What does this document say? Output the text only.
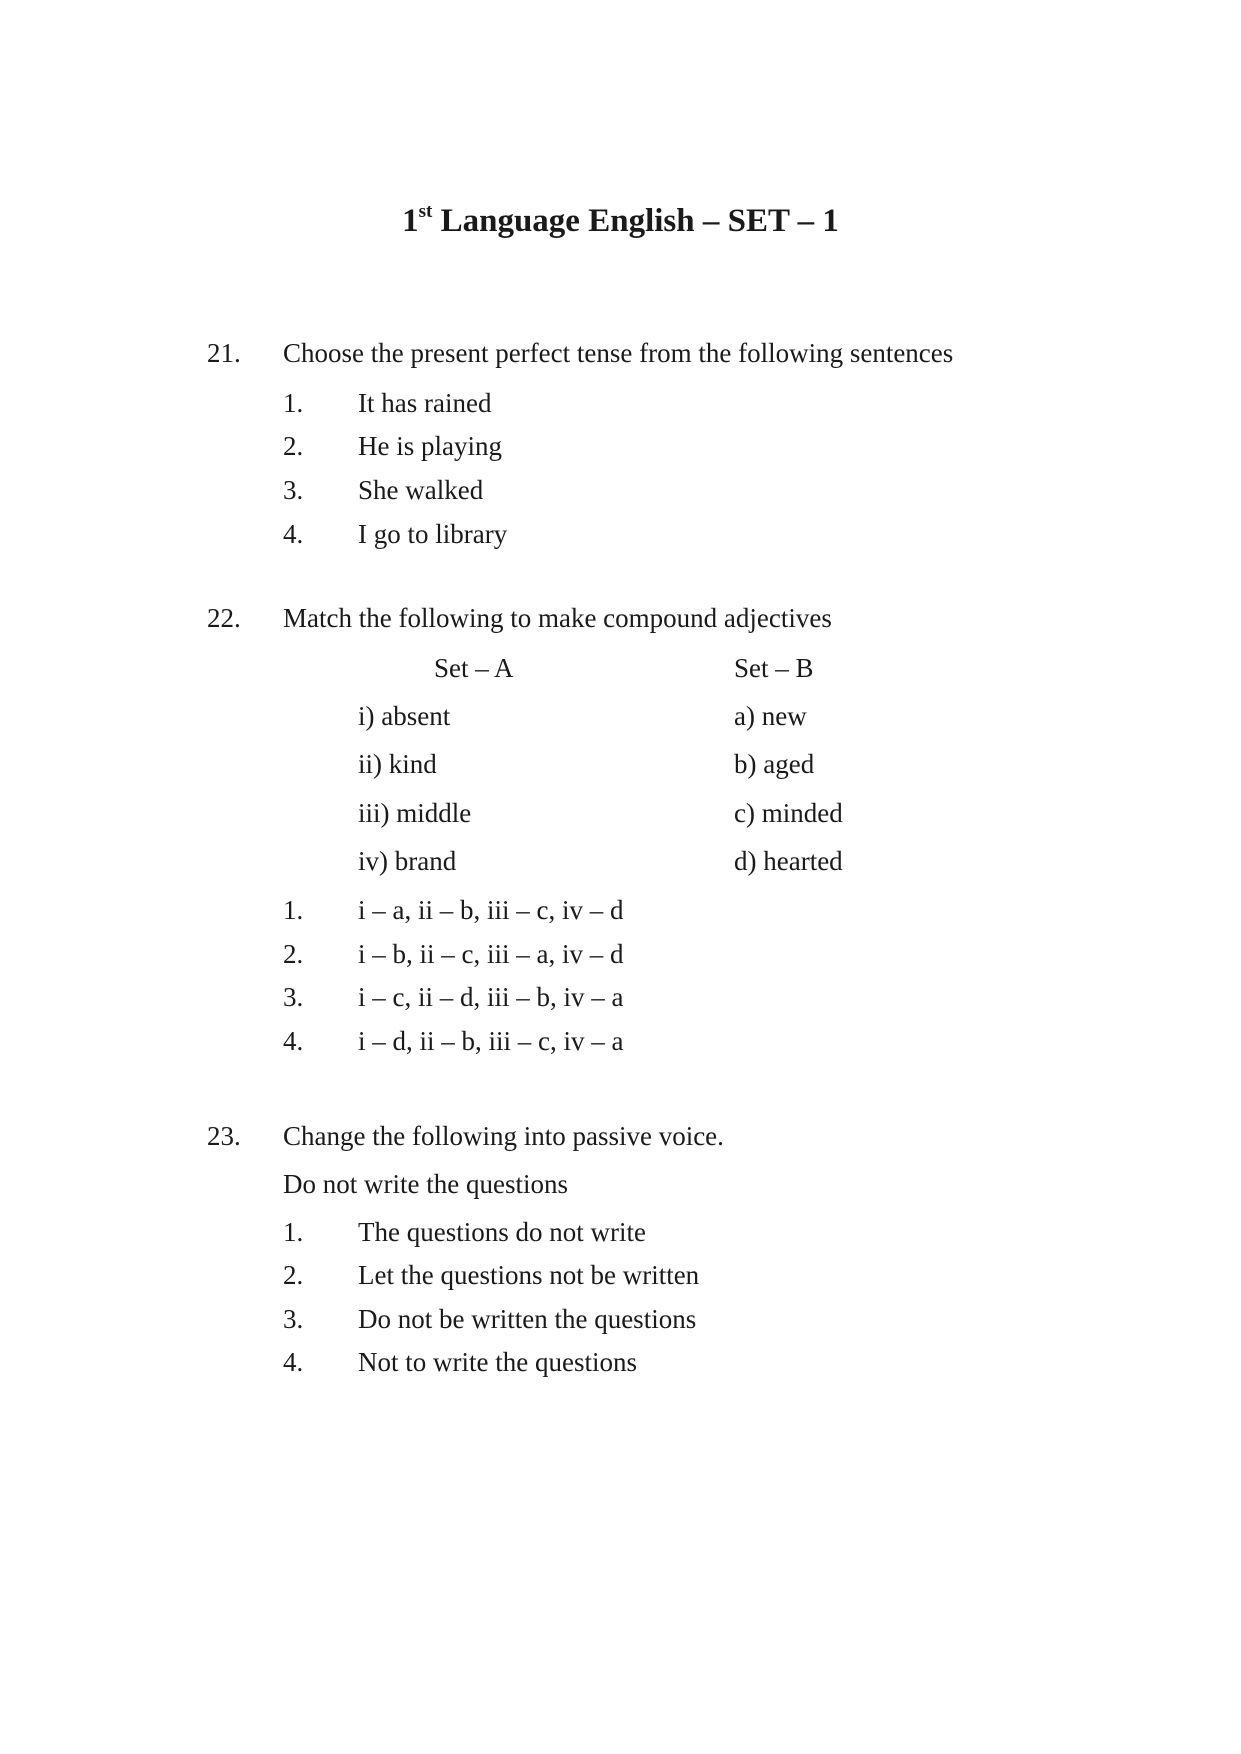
1st Language English – SET – 1
21. Choose the present perfect tense from the following sentences
1. It has rained
2. He is playing
3. She walked
4. I go to library
22. Match the following to make compound adjectives
Set – A	Set – B
i) absent	a) new
ii) kind	b) aged
iii) middle	c) minded
iv) brand	d) hearted
1. i – a, ii – b, iii – c, iv – d
2. i – b, ii – c, iii – a, iv – d
3. i – c, ii – d, iii – b, iv – a
4. i – d, ii – b, iii – c, iv – a
23. Change the following into passive voice.
Do not write the questions
1. The questions do not write
2. Let the questions not be written
3. Do not be written the questions
4. Not to write the questions
